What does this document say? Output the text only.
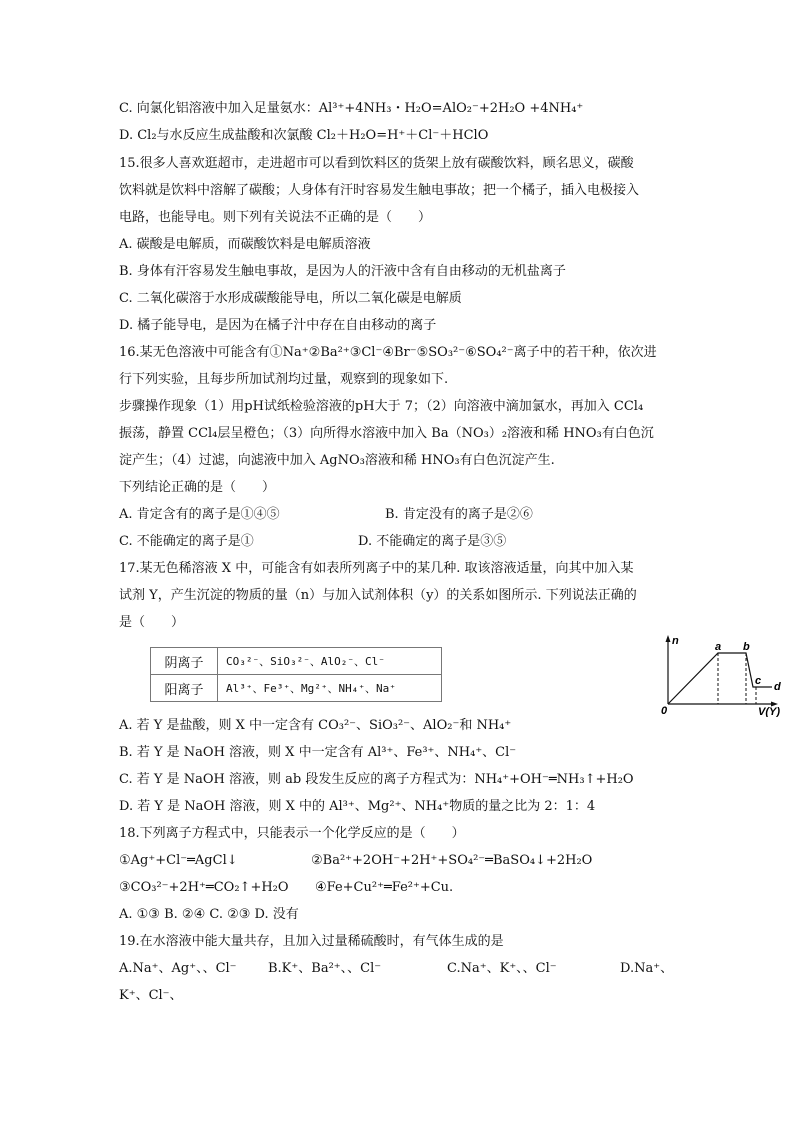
C. 向氯化铝溶液中加入足量氨水：Al³⁺+4NH₃・H₂O=AlO₂⁻+2H₂O +4NH₄⁺
D. Cl₂与水反应生成盐酸和次氯酸 Cl₂＋H₂O=H⁺＋Cl⁻＋HClO
15.很多人喜欢逛超市，走进超市可以看到饮料区的货架上放有碳酸饮料，顾名思义，碳酸
饮料就是饮料中溶解了碳酸；人身体有汗时容易发生触电事故；把一个橘子，插入电极接入
电路，也能导电。则下列有关说法不正确的是（　　）
A. 碳酸是电解质，而碳酸饮料是电解质溶液
B. 身体有汗容易发生触电事故，是因为人的汗液中含有自由移动的无机盐离子
C. 二氧化碳溶于水形成碳酸能导电，所以二氧化碳是电解质
D. 橘子能导电，是因为在橘子汁中存在自由移动的离子
16.某无色溶液中可能含有①Na⁺②Ba²⁺③Cl⁻④Br⁻⑤SO₃²⁻⑥SO₄²⁻离子中的若干种，依次进
行下列实验，且每步所加试剂均过量，观察到的现象如下.
步骤操作现象（1）用pH试纸检验溶液的pH大于 7；（2）向溶液中滴加氯水，再加入 CCl₄
振荡，静置 CCl₄层呈橙色；（3）向所得水溶液中加入 Ba（NO₃）₂溶液和稀 HNO₃有白色沉
淀产生；（4）过滤，向滤液中加入 AgNO₃溶液和稀 HNO₃有白色沉淀产生.
下列结论正确的是（　　）
A. 肯定含有的离子是①④⑤	B. 肯定没有的离子是②⑥
C. 不能确定的离子是①	D. 不能确定的离子是③⑤
17.某无色稀溶液 X 中，可能含有如表所列离子中的某几种. 取该溶液适量，向其中加入某
试剂 Y，产生沉淀的物质的量（n）与加入试剂体积（y）的关系如图所示. 下列说法正确的
是（　　）
阴离子	CO₃²⁻、SiO₃²⁻、AlO₂⁻、Cl⁻
阳离子	Al³⁺、Fe³⁺、Mg²⁺、NH₄⁺、Na⁺
n
0	V(Y)
a b
c d
A. 若 Y 是盐酸，则 X 中一定含有 CO₃²⁻、SiO₃²⁻、AlO₂⁻和 NH₄⁺
B. 若 Y 是 NaOH 溶液，则 X 中一定含有 Al³⁺、Fe³⁺、NH₄⁺、Cl⁻
C. 若 Y 是 NaOH 溶液，则 ab 段发生反应的离子方程式为：NH₄⁺+OH⁻═NH₃↑+H₂O
D. 若 Y 是 NaOH 溶液，则 X 中的 Al³⁺、Mg²⁺、NH₄⁺物质的量之比为 2：1：4
18.下列离子方程式中，只能表示一个化学反应的是（　　）
①Ag⁺+Cl⁻═AgCl↓	②Ba²⁺+2OH⁻+2H⁺+SO₄²⁻═BaSO₄↓+2H₂O
③CO₃²⁻+2H⁺═CO₂↑+H₂O ④Fe+Cu²⁺═Fe²⁺+Cu.
A. ①③ B. ②④ C. ②③ D. 没有
19.在水溶液中能大量共存，且加入过量稀硫酸时，有气体生成的是
A.Na⁺、Ag⁺、、Cl⁻ B.K⁺、Ba²⁺、、Cl⁻	C.Na⁺、K⁺、、Cl⁻	D.Na⁺、
K⁺、Cl⁻、
